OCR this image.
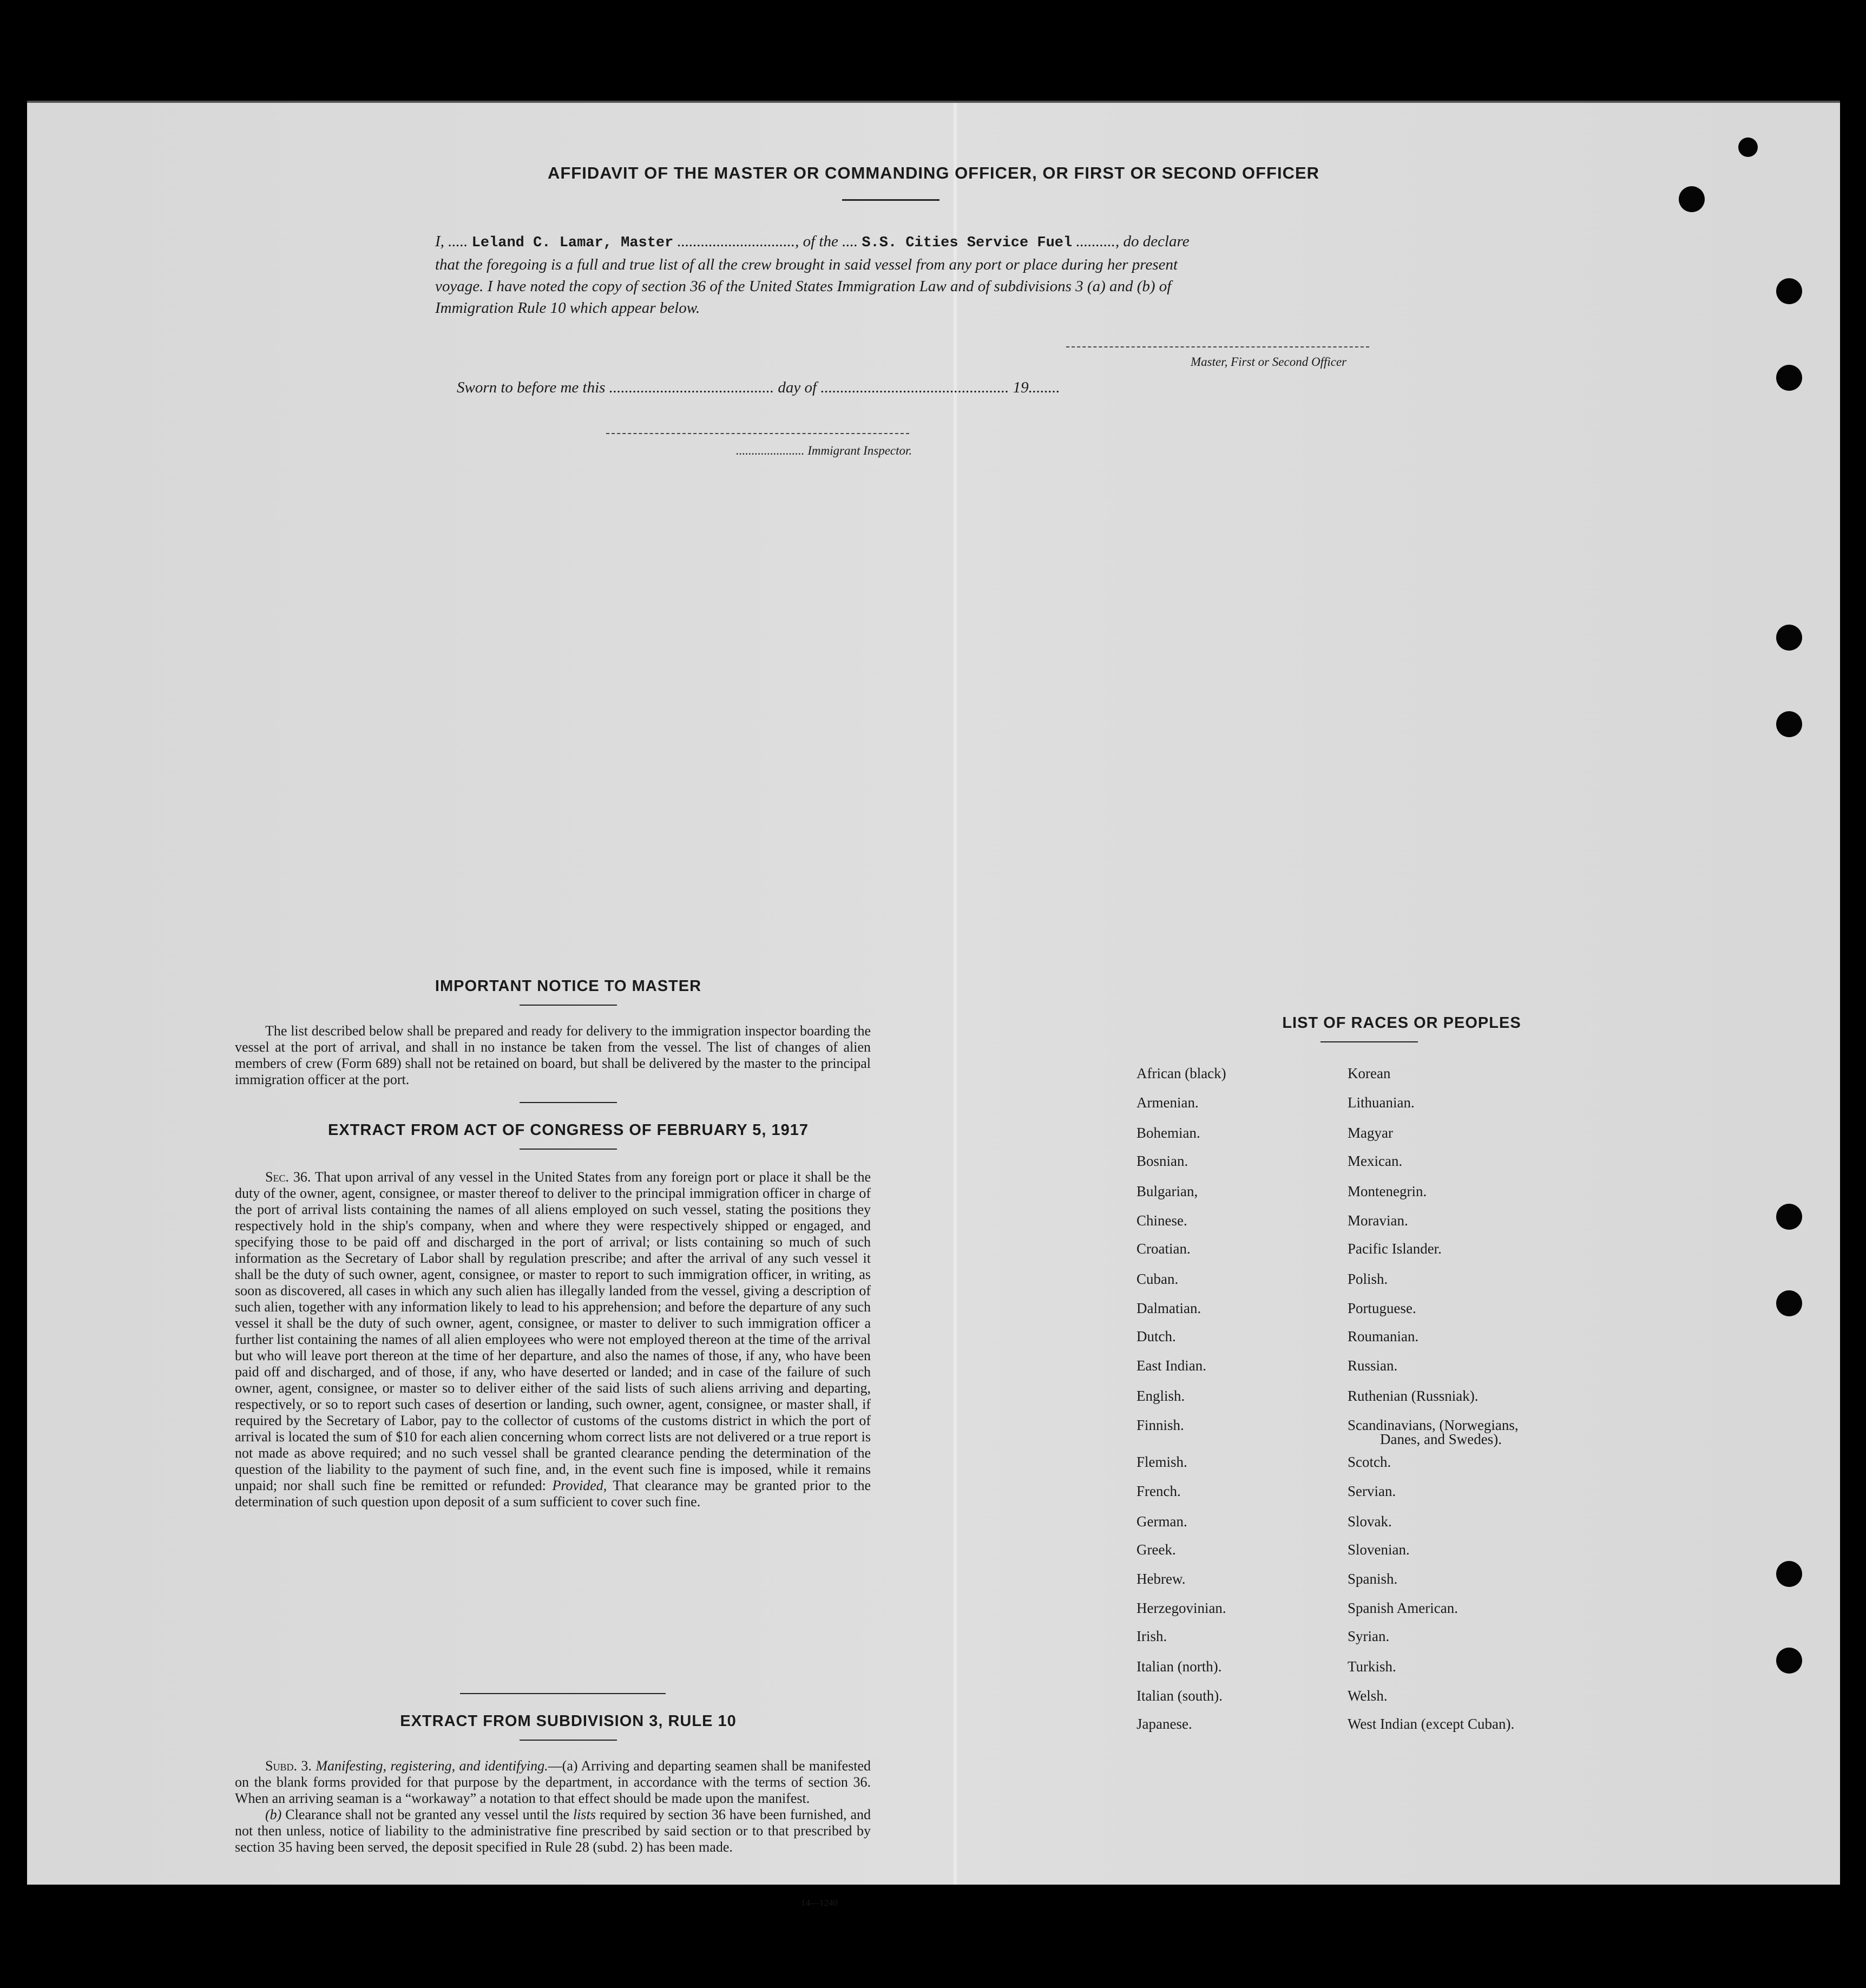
AFFIDAVIT OF THE MASTER OR COMMANDING OFFICER, OR FIRST OR SECOND OFFICER
I, ..... Leland C. Lamar, Master .............................., of the .... S.S. Cities Service Fuel .........., do declare
that the foregoing is a full and true list of all the crew brought in said vessel from any port or place during her present
voyage. I have noted the copy of section 36 of the United States Immigration Law and of subdivisions 3 (a) and (b) of
Immigration Rule 10 which appear below.
Master, First or Second Officer
Sworn to before me this .......................................... day of ................................................ 19........
...................... Immigrant Inspector.
IMPORTANT NOTICE TO MASTER
The list described below shall be prepared and ready for delivery to the immigration inspector boarding the vessel at the port of arrival, and shall in no instance be taken from the vessel. The list of changes of alien members of crew (Form 689) shall not be retained on board, but shall be delivered by the master to the principal immigration officer at the port.
EXTRACT FROM ACT OF CONGRESS OF FEBRUARY 5, 1917
Sec. 36. That upon arrival of any vessel in the United States from any foreign port or place it shall be the duty of the owner, agent, consignee, or master thereof to deliver to the principal immigration officer in charge of the port of arrival lists containing the names of all aliens employed on such vessel, stating the positions they respectively hold in the ship's company, when and where they were respectively shipped or engaged, and specifying those to be paid off and discharged in the port of arrival; or lists containing so much of such information as the Secretary of Labor shall by regulation prescribe; and after the arrival of any such vessel it shall be the duty of such owner, agent, consignee, or master to report to such immigration officer, in writing, as soon as discovered, all cases in which any such alien has illegally landed from the vessel, giving a description of such alien, together with any information likely to lead to his apprehension; and before the departure of any such vessel it shall be the duty of such owner, agent, consignee, or master to deliver to such immigration officer a further list containing the names of all alien employees who were not employed thereon at the time of the arrival but who will leave port thereon at the time of her departure, and also the names of those, if any, who have been paid off and discharged, and of those, if any, who have deserted or landed; and in case of the failure of such owner, agent, consignee, or master so to deliver either of the said lists of such aliens arriving and departing, respectively, or so to report such cases of desertion or landing, such owner, agent, consignee, or master shall, if required by the Secretary of Labor, pay to the collector of customs of the customs district in which the port of arrival is located the sum of $10 for each alien concerning whom correct lists are not delivered or a true report is not made as above required; and no such vessel shall be granted clearance pending the determination of the question of the liability to the payment of such fine, and, in the event such fine is imposed, while it remains unpaid; nor shall such fine be remitted or refunded: Provided, That clearance may be granted prior to the determination of such question upon deposit of a sum sufficient to cover such fine.
EXTRACT FROM SUBDIVISION 3, RULE 10
Subd. 3. Manifesting, registering, and identifying.—(a) Arriving and departing seamen shall be manifested on the blank forms provided for that purpose by the department, in accordance with the terms of section 36. When an arriving seaman is a “workaway” a notation to that effect should be made upon the manifest.
(b) Clearance shall not be granted any vessel until the lists required by section 36 have been furnished, and not then unless, notice of liability to the administrative fine prescribed by said section or to that prescribed by section 35 having been served, the deposit specified in Rule 28 (subd. 2) has been made.
14—1240
LIST OF RACES OR PEOPLES
African (black)
Armenian.
Bohemian.
Bosnian.
Bulgarian,
Chinese.
Croatian.
Cuban.
Dalmatian.
Dutch.
East Indian.
English.
Finnish.
Flemish.
French.
German.
Greek.
Hebrew.
Herzegovinian.
Irish.
Italian (north).
Italian (south).
Japanese.
Korean
Lithuanian.
Magyar
Mexican.
Montenegrin.
Moravian.
Pacific Islander.
Polish.
Portuguese.
Roumanian.
Russian.
Ruthenian (Russniak).
Scandinavians, (Norwegians,
Scotch.
Servian.
Slovak.
Slovenian.
Spanish.
Spanish American.
Syrian.
Turkish.
Welsh.
West Indian (except Cuban).
Danes, and Swedes).
